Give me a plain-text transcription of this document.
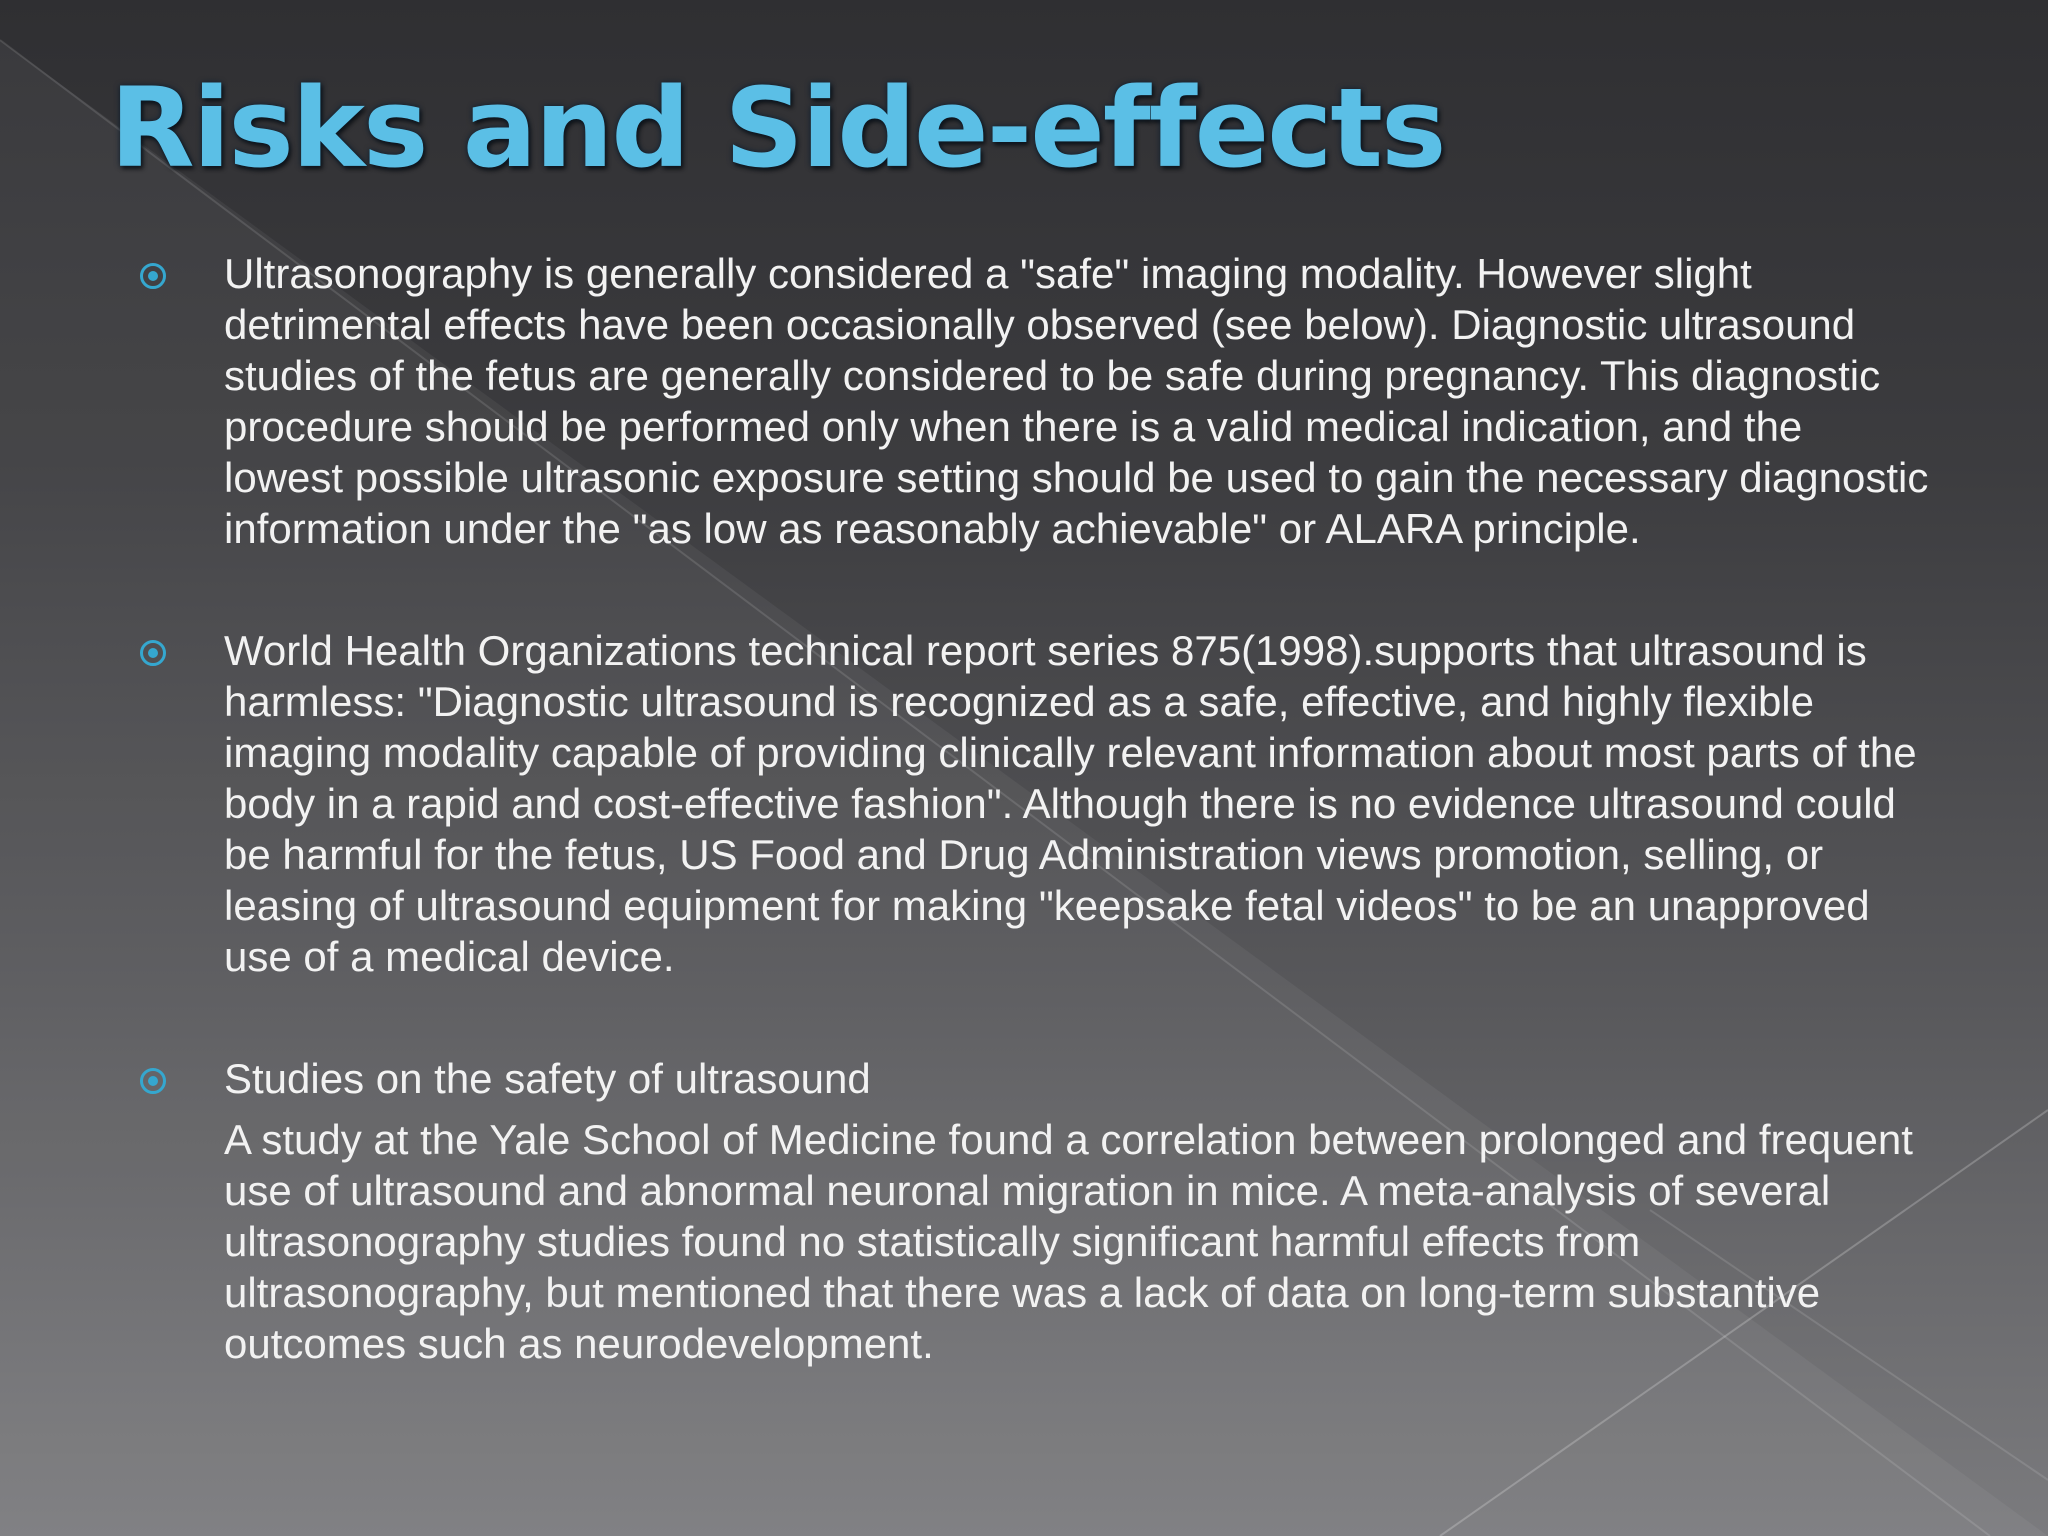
Risks and Side-effects

Ultrasonography is generally considered a "safe" imaging modality. However slight detrimental effects have been occasionally observed (see below). Diagnostic ultrasound studies of the fetus are generally considered to be safe during pregnancy. This diagnostic procedure should be performed only when there is a valid medical indication, and the lowest possible ultrasonic exposure setting should be used to gain the necessary diagnostic information under the "as low as reasonably achievable" or ALARA principle.

World Health Organizations technical report series 875(1998).supports that ultrasound is harmless: "Diagnostic ultrasound is recognized as a safe, effective, and highly flexible imaging modality capable of providing clinically relevant information about most parts of the body in a rapid and cost-effective fashion". Although there is no evidence ultrasound could be harmful for the fetus, US Food and Drug Administration views promotion, selling, or leasing of ultrasound equipment for making "keepsake fetal videos" to be an unapproved use of a medical device.

Studies on the safety of ultrasound

A study at the Yale School of Medicine found a correlation between prolonged and frequent use of ultrasound and abnormal neuronal migration in mice. A meta-analysis of several ultrasonography studies found no statistically significant harmful effects from ultrasonography, but mentioned that there was a lack of data on long-term substantive outcomes such as neurodevelopment.
